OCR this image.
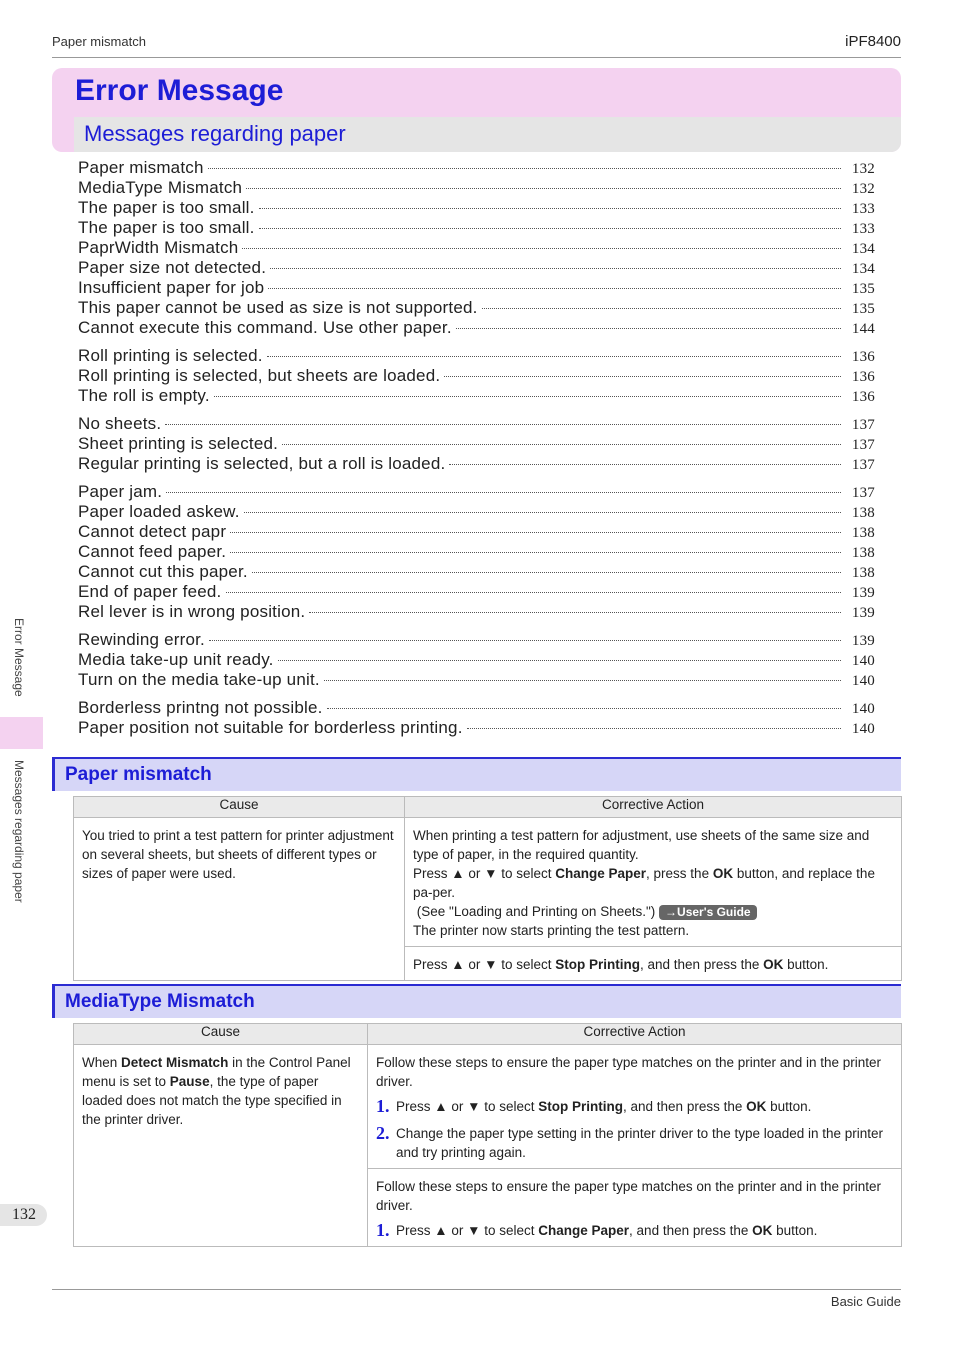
Paper mismatch	iPF8400
Error Message
Messages regarding paper
Paper mismatch	132
MediaType Mismatch	132
The paper is too small.	133
The paper is too small.	133
PaprWidth Mismatch	134
Paper size not detected.	134
Insufficient paper for job	135
This paper cannot be used as size is not supported.	135
Cannot execute this command. Use other paper.	144
Roll printing is selected.	136
Roll printing is selected, but sheets are loaded.	136
The roll is empty.	136
No sheets.	137
Sheet printing is selected.	137
Regular printing is selected, but a roll is loaded.	137
Paper jam.	137
Paper loaded askew.	138
Cannot detect papr	138
Cannot feed paper.	138
Cannot cut this paper.	138
End of paper feed.	139
Rel lever is in wrong position.	139
Rewinding error.	139
Media take-up unit ready.	140
Turn on the media take-up unit.	140
Borderless printng not possible.	140
Paper position not suitable for borderless printing.	140
Error Message
Messages regarding paper Paper mismatch
Cause	Corrective Action
You tried to print a test pattern for printer adjustment on several sheets, but sheets of different types or sizes of paper were used.	When printing a test pattern for adjustment, use sheets of the same size and type of paper, in the required quantity.
Press ▲ or ▼ to select Change Paper, press the OK button, and replace the pa-per.
(See "Loading and Printing on Sheets.") →User's Guide
The printer now starts printing the test pattern.

	Press ▲ or ▼ to select Stop Printing, and then press the OK button.
MediaType Mismatch
Cause	Corrective Action
When Detect Mismatch in the Control Panel menu is set to Pause, the type of paper loaded does not match the type specified in the printer driver.	Follow these steps to ensure the paper type matches on the printer and in the printer driver.
1. Press ▲ or ▼ to select Stop Printing, and then press the OK button.
2. Change the paper type setting in the printer driver to the type loaded in the printer and try printing again.

	Follow these steps to ensure the paper type matches on the printer and in the printer driver.
1. Press ▲ or ▼ to select Change Paper, and then press the OK button.
132
Basic Guide
